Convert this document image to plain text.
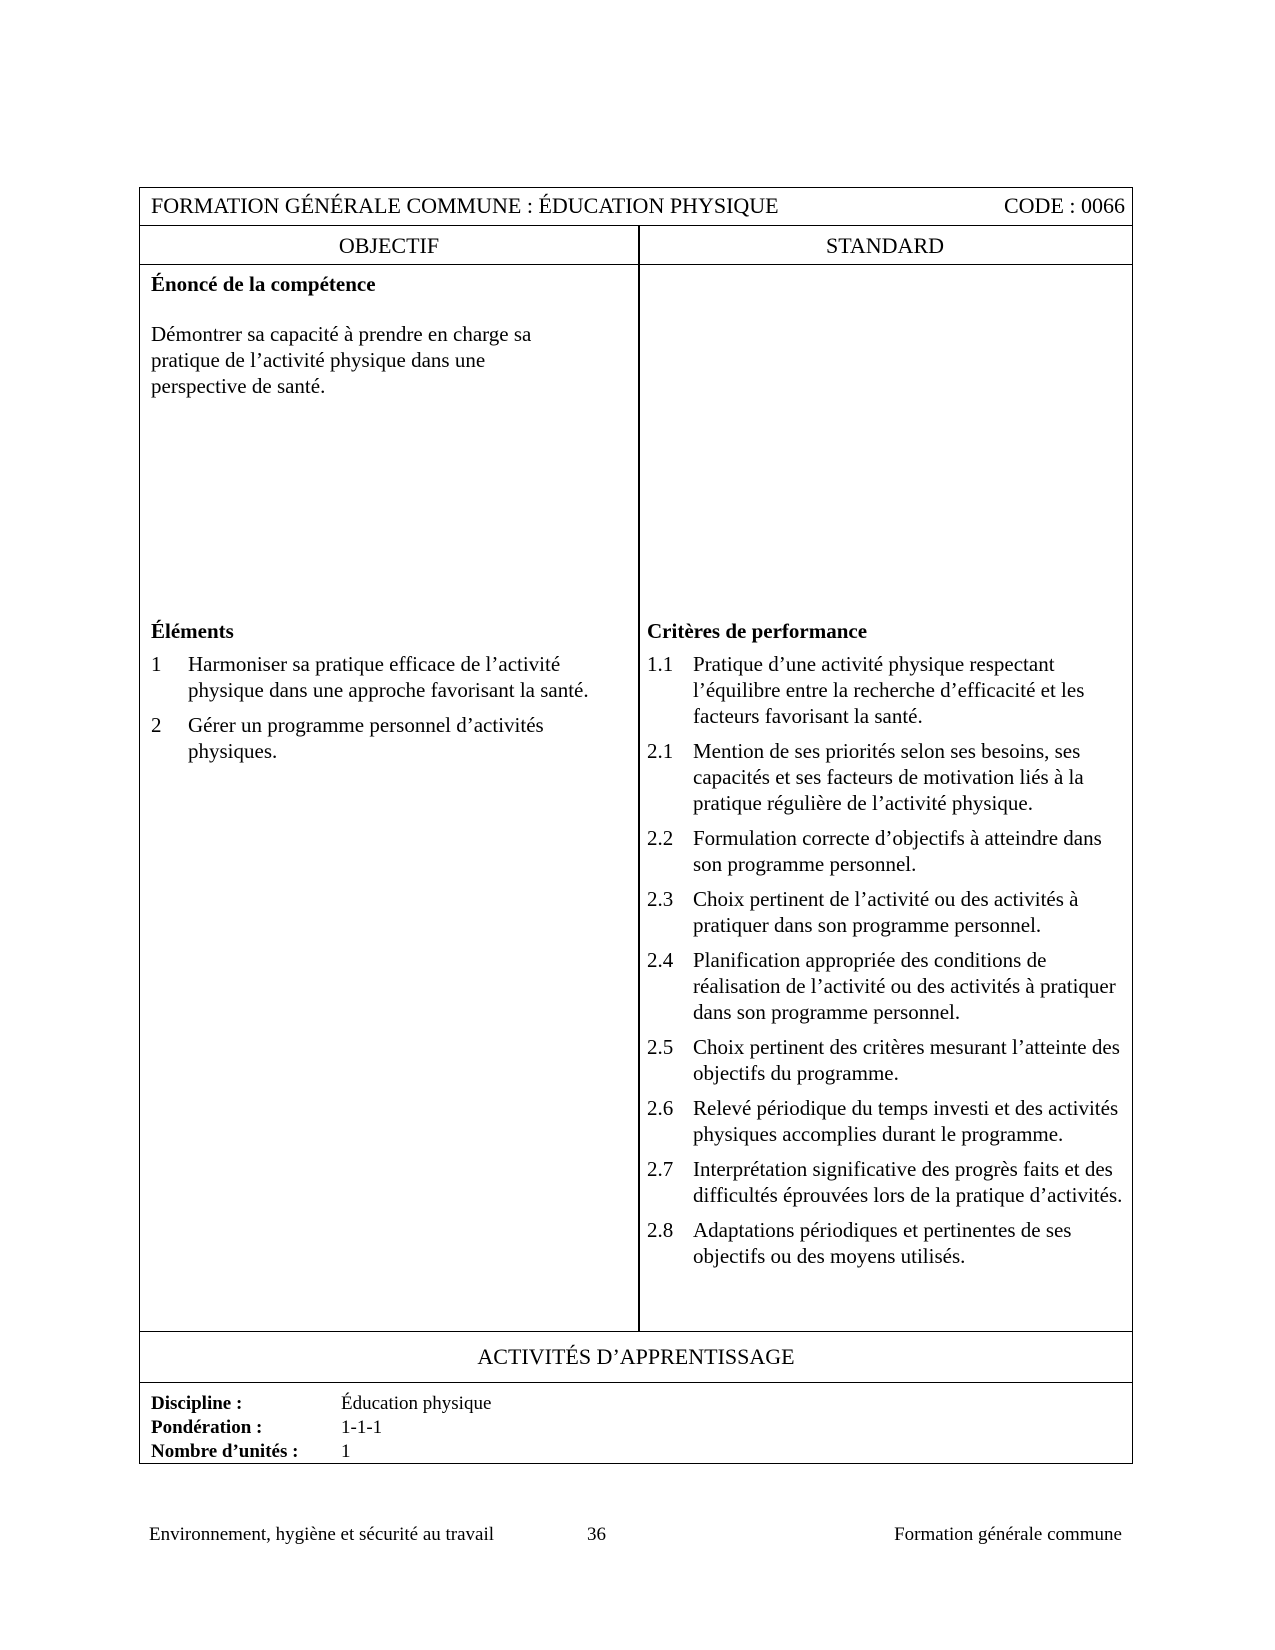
FORMATION GÉNÉRALE COMMUNE : ÉDUCATION PHYSIQUE	CODE : 0066
OBJECTIF	STANDARD
Énoncé de la compétence
Démontrer sa capacité à prendre en charge sa pratique de l’activité physique dans une perspective de santé.
Éléments
1 Harmoniser sa pratique efficace de l’activité physique dans une approche favorisant la santé.
2 Gérer un programme personnel d’activités physiques.
Critères de performance
1.1 Pratique d’une activité physique respectant l’équilibre entre la recherche d’efficacité et les facteurs favorisant la santé.
2.1 Mention de ses priorités selon ses besoins, ses capacités et ses facteurs de motivation liés à la pratique régulière de l’activité physique.
2.2 Formulation correcte d’objectifs à atteindre dans son programme personnel.
2.3 Choix pertinent de l’activité ou des activités à pratiquer dans son programme personnel.
2.4 Planification appropriée des conditions de réalisation de l’activité ou des activités à pratiquer dans son programme personnel.
2.5 Choix pertinent des critères mesurant l’atteinte des objectifs du programme.
2.6 Relevé périodique du temps investi et des activités physiques accomplies durant le programme.
2.7 Interprétation significative des progrès faits et des difficultés éprouvées lors de la pratique d’activités.
2.8 Adaptations périodiques et pertinentes de ses objectifs ou des moyens utilisés.
ACTIVITÉS D’APPRENTISSAGE
Discipline :	Éducation physique
Pondération :	1-1-1
Nombre d’unités : 1
Environnement, hygiène et sécurité au travail	36	Formation générale commune
